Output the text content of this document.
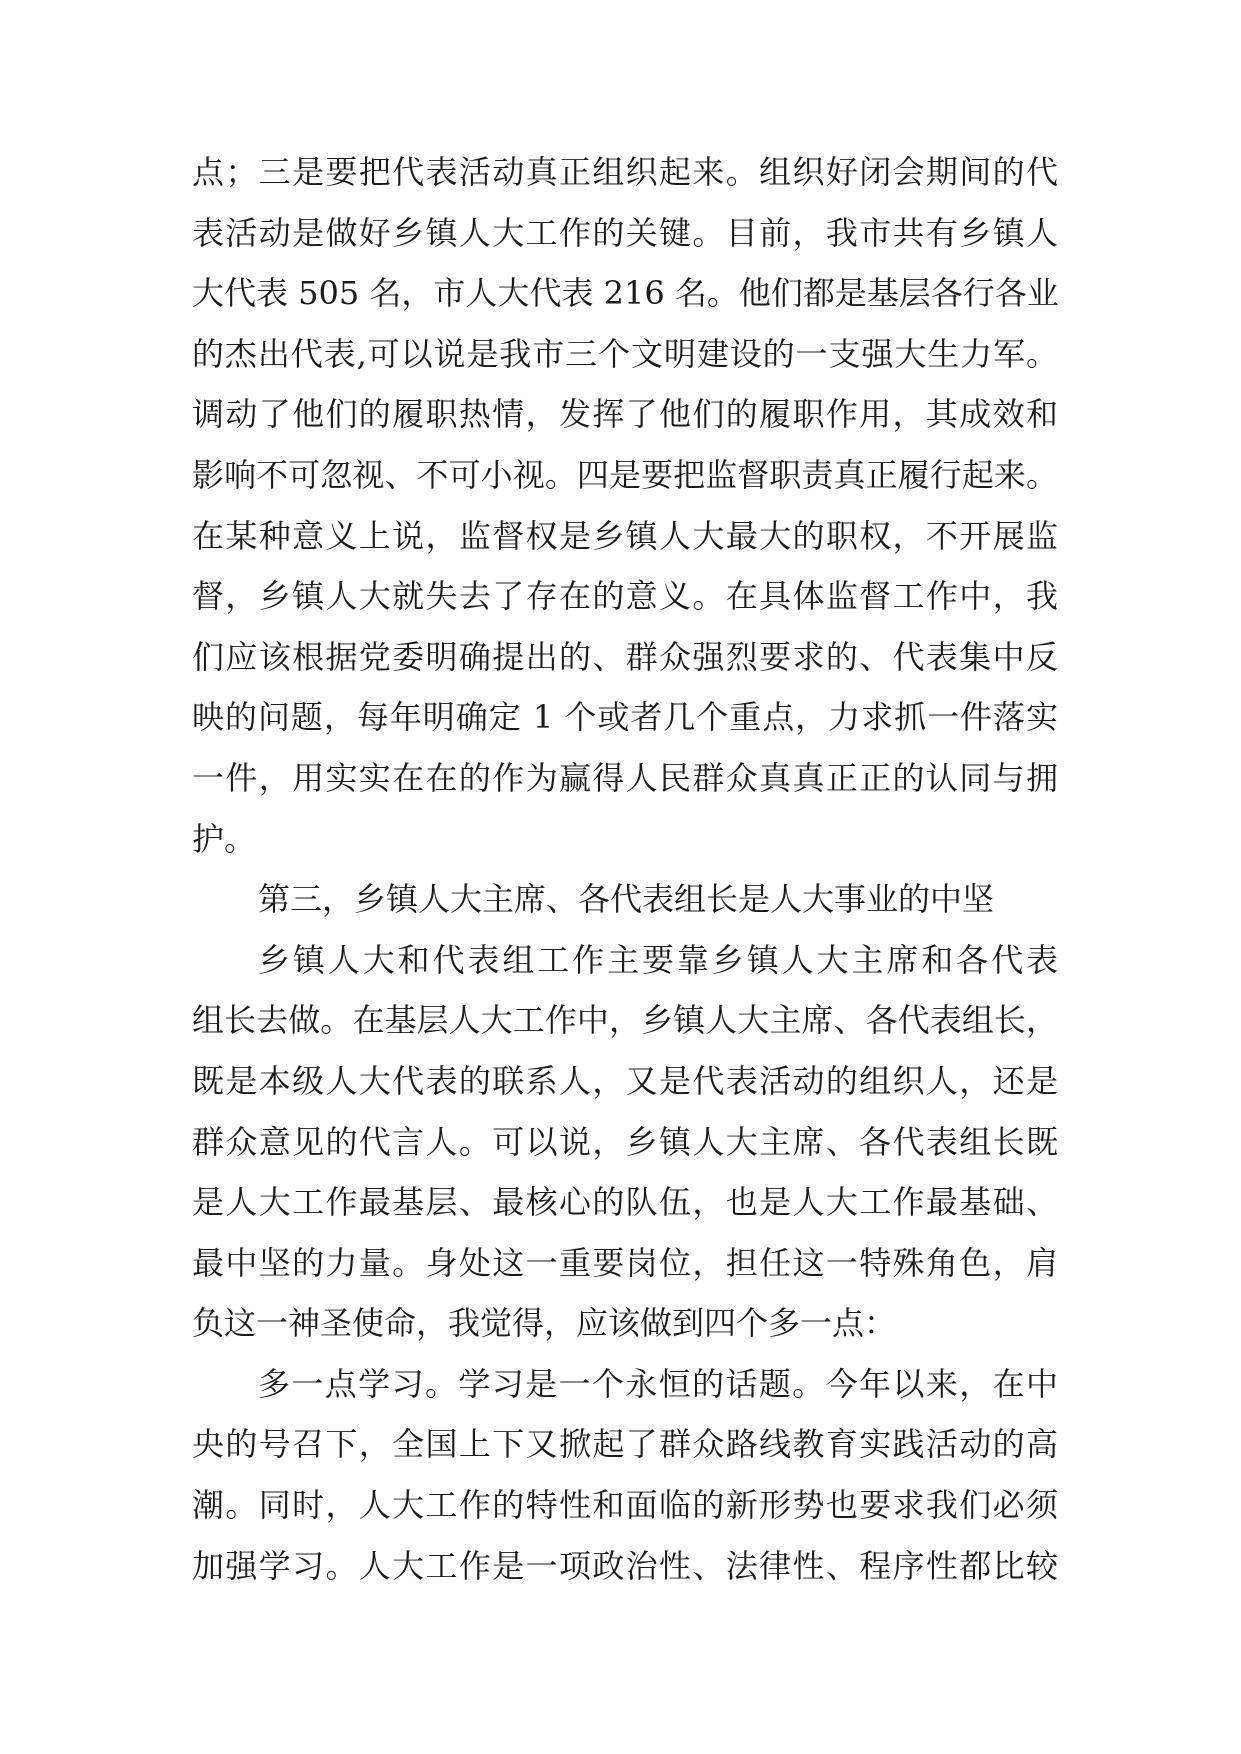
点；三是要把代表活动真正组织起来。组织好闭会期间的代
表活动是做好乡镇人大工作的关键。目前，我市共有乡镇人
大代表 505 名，市人大代表 216 名。他们都是基层各行各业
的杰出代表,可以说是我市三个文明建设的一支强大生力军。
调动了他们的履职热情，发挥了他们的履职作用，其成效和
影响不可忽视、不可小视。四是要把监督职责真正履行起来。
在某种意义上说，监督权是乡镇人大最大的职权，不开展监
督，乡镇人大就失去了存在的意义。在具体监督工作中，我
们应该根据党委明确提出的、群众强烈要求的、代表集中反
映的问题，每年明确定 1 个或者几个重点，力求抓一件落实
一件，用实实在在的作为赢得人民群众真真正正的认同与拥
护。
第三，乡镇人大主席、各代表组长是人大事业的中坚
乡镇人大和代表组工作主要靠乡镇人大主席和各代表
组长去做。在基层人大工作中，乡镇人大主席、各代表组长，
既是本级人大代表的联系人，又是代表活动的组织人，还是
群众意见的代言人。可以说，乡镇人大主席、各代表组长既
是人大工作最基层、最核心的队伍，也是人大工作最基础、
最中坚的力量。身处这一重要岗位，担任这一特殊角色，肩
负这一神圣使命，我觉得，应该做到四个多一点：
多一点学习。学习是一个永恒的话题。今年以来，在中
央的号召下，全国上下又掀起了群众路线教育实践活动的高
潮。同时，人大工作的特性和面临的新形势也要求我们必须
加强学习。人大工作是一项政治性、法律性、程序性都比较
